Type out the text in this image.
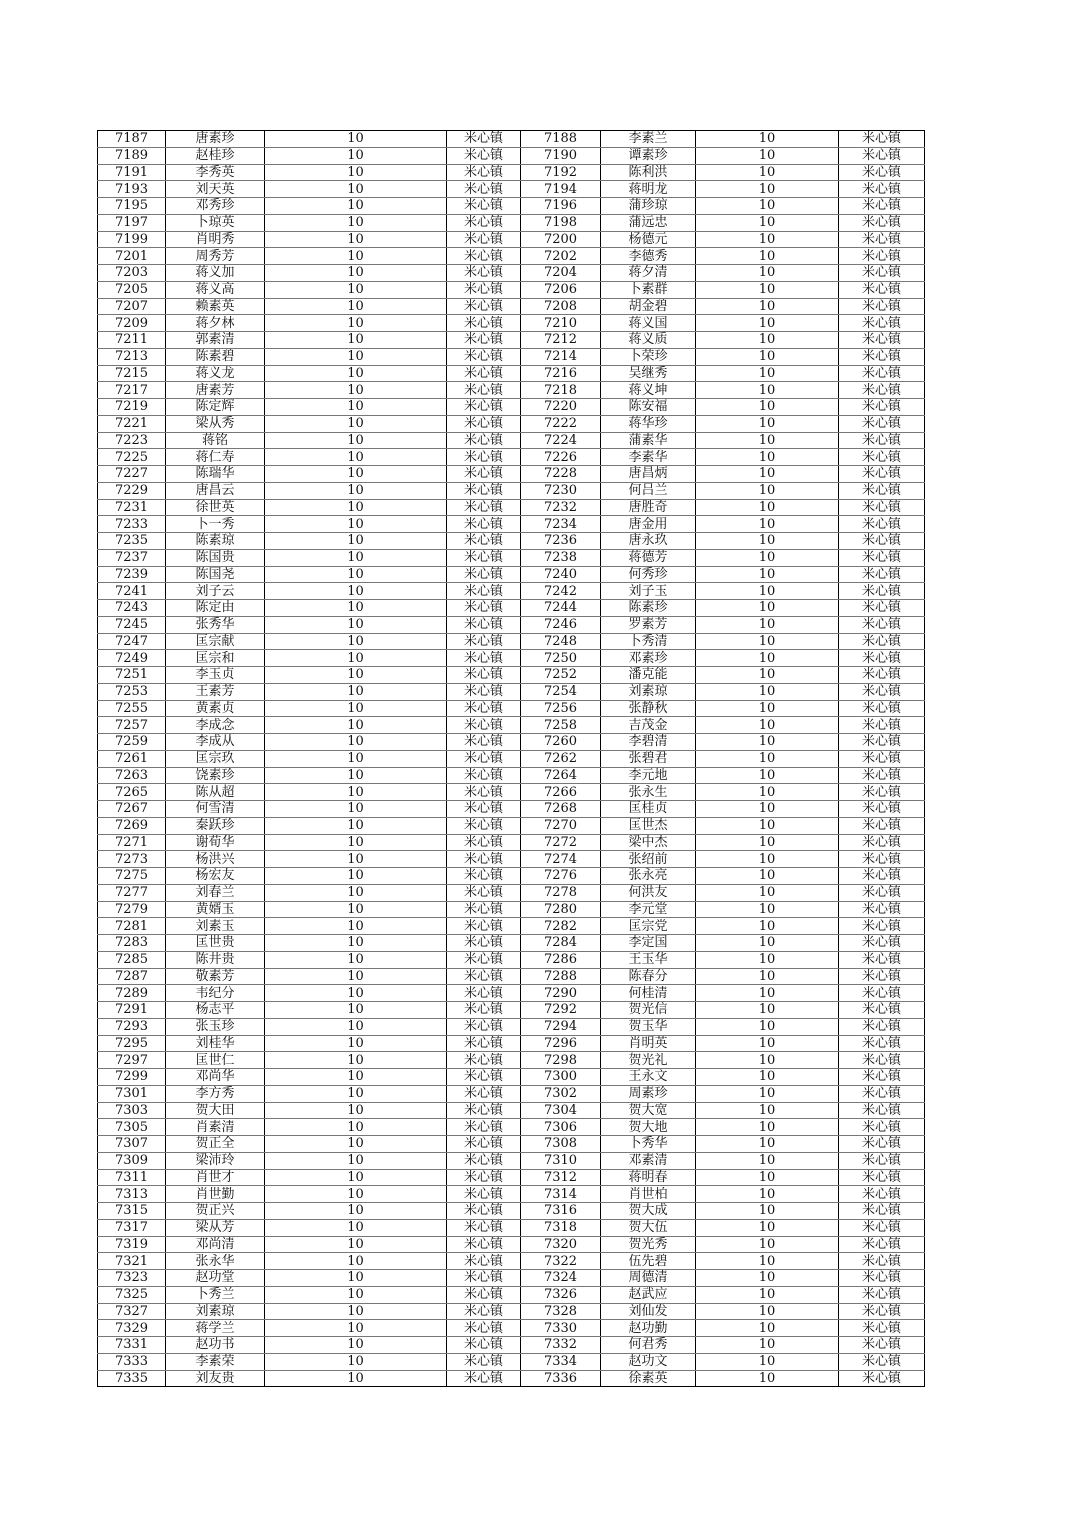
7187	唐素珍	10	米心镇	7188	李素兰	10	米心镇
7189	赵桂珍	10	米心镇	7190	谭素珍	10	米心镇
7191	李秀英	10	米心镇	7192	陈利洪	10	米心镇
7193	刘天英	10	米心镇	7194	蒋明龙	10	米心镇
7195	邓秀珍	10	米心镇	7196	蒲珍琼	10	米心镇
7197	卜琼英	10	米心镇	7198	蒲远忠	10	米心镇
7199	肖明秀	10	米心镇	7200	杨德元	10	米心镇
7201	周秀芳	10	米心镇	7202	李德秀	10	米心镇
7203	蒋义加	10	米心镇	7204	蒋夕清	10	米心镇
7205	蒋义高	10	米心镇	7206	卜素群	10	米心镇
7207	赖素英	10	米心镇	7208	胡金碧	10	米心镇
7209	蒋夕林	10	米心镇	7210	蒋义国	10	米心镇
7211	郭素清	10	米心镇	7212	蒋义质	10	米心镇
7213	陈素碧	10	米心镇	7214	卜荣珍	10	米心镇
7215	蒋义龙	10	米心镇	7216	吴继秀	10	米心镇
7217	唐素芳	10	米心镇	7218	蒋义坤	10	米心镇
7219	陈定辉	10	米心镇	7220	陈安福	10	米心镇
7221	梁从秀	10	米心镇	7222	蒋华珍	10	米心镇
7223	蒋铭	10	米心镇	7224	蒲素华	10	米心镇
7225	蒋仁寿	10	米心镇	7226	李素华	10	米心镇
7227	陈瑞华	10	米心镇	7228	唐昌炳	10	米心镇
7229	唐昌云	10	米心镇	7230	何吕兰	10	米心镇
7231	徐世英	10	米心镇	7232	唐胜奇	10	米心镇
7233	卜一秀	10	米心镇	7234	唐金用	10	米心镇
7235	陈素琼	10	米心镇	7236	唐永玖	10	米心镇
7237	陈国贵	10	米心镇	7238	蒋德芳	10	米心镇
7239	陈国尧	10	米心镇	7240	何秀珍	10	米心镇
7241	刘子云	10	米心镇	7242	刘子玉	10	米心镇
7243	陈定由	10	米心镇	7244	陈素珍	10	米心镇
7245	张秀华	10	米心镇	7246	罗素芳	10	米心镇
7247	匡宗献	10	米心镇	7248	卜秀清	10	米心镇
7249	匡宗和	10	米心镇	7250	邓素珍	10	米心镇
7251	李玉贞	10	米心镇	7252	潘克能	10	米心镇
7253	王素芳	10	米心镇	7254	刘素琼	10	米心镇
7255	黄素贞	10	米心镇	7256	张静秋	10	米心镇
7257	李成念	10	米心镇	7258	吉茂金	10	米心镇
7259	李成从	10	米心镇	7260	李碧清	10	米心镇
7261	匡宗玖	10	米心镇	7262	张碧君	10	米心镇
7263	饶素珍	10	米心镇	7264	李元地	10	米心镇
7265	陈从超	10	米心镇	7266	张永生	10	米心镇
7267	何雪清	10	米心镇	7268	匡桂贞	10	米心镇
7269	秦跃珍	10	米心镇	7270	匡世杰	10	米心镇
7271	谢荀华	10	米心镇	7272	梁中杰	10	米心镇
7273	杨洪兴	10	米心镇	7274	张绍前	10	米心镇
7275	杨宏友	10	米心镇	7276	张永亮	10	米心镇
7277	刘春兰	10	米心镇	7278	何洪友	10	米心镇
7279	黄婿玉	10	米心镇	7280	李元堂	10	米心镇
7281	刘素玉	10	米心镇	7282	匡宗党	10	米心镇
7283	匡世贵	10	米心镇	7284	李定国	10	米心镇
7285	陈井贵	10	米心镇	7286	王玉华	10	米心镇
7287	敬素芳	10	米心镇	7288	陈春分	10	米心镇
7289	韦纪分	10	米心镇	7290	何桂清	10	米心镇
7291	杨志平	10	米心镇	7292	贺光信	10	米心镇
7293	张玉珍	10	米心镇	7294	贺玉华	10	米心镇
7295	刘桂华	10	米心镇	7296	肖明英	10	米心镇
7297	匡世仁	10	米心镇	7298	贺光礼	10	米心镇
7299	邓尚华	10	米心镇	7300	王永文	10	米心镇
7301	李方秀	10	米心镇	7302	周素珍	10	米心镇
7303	贺大田	10	米心镇	7304	贺大宽	10	米心镇
7305	肖素清	10	米心镇	7306	贺大地	10	米心镇
7307	贺正全	10	米心镇	7308	卜秀华	10	米心镇
7309	梁沛玲	10	米心镇	7310	邓素清	10	米心镇
7311	肖世才	10	米心镇	7312	蒋明春	10	米心镇
7313	肖世勤	10	米心镇	7314	肖世柏	10	米心镇
7315	贺正兴	10	米心镇	7316	贺大成	10	米心镇
7317	梁从芳	10	米心镇	7318	贺大伍	10	米心镇
7319	邓尚清	10	米心镇	7320	贺光秀	10	米心镇
7321	张永华	10	米心镇	7322	伍先碧	10	米心镇
7323	赵功堂	10	米心镇	7324	周德清	10	米心镇
7325	卜秀兰	10	米心镇	7326	赵武应	10	米心镇
7327	刘素琼	10	米心镇	7328	刘仙发	10	米心镇
7329	蒋学兰	10	米心镇	7330	赵功勤	10	米心镇
7331	赵功书	10	米心镇	7332	何君秀	10	米心镇
7333	李素荣	10	米心镇	7334	赵功文	10	米心镇
7335	刘友贵	10	米心镇	7336	徐素英	10	米心镇
